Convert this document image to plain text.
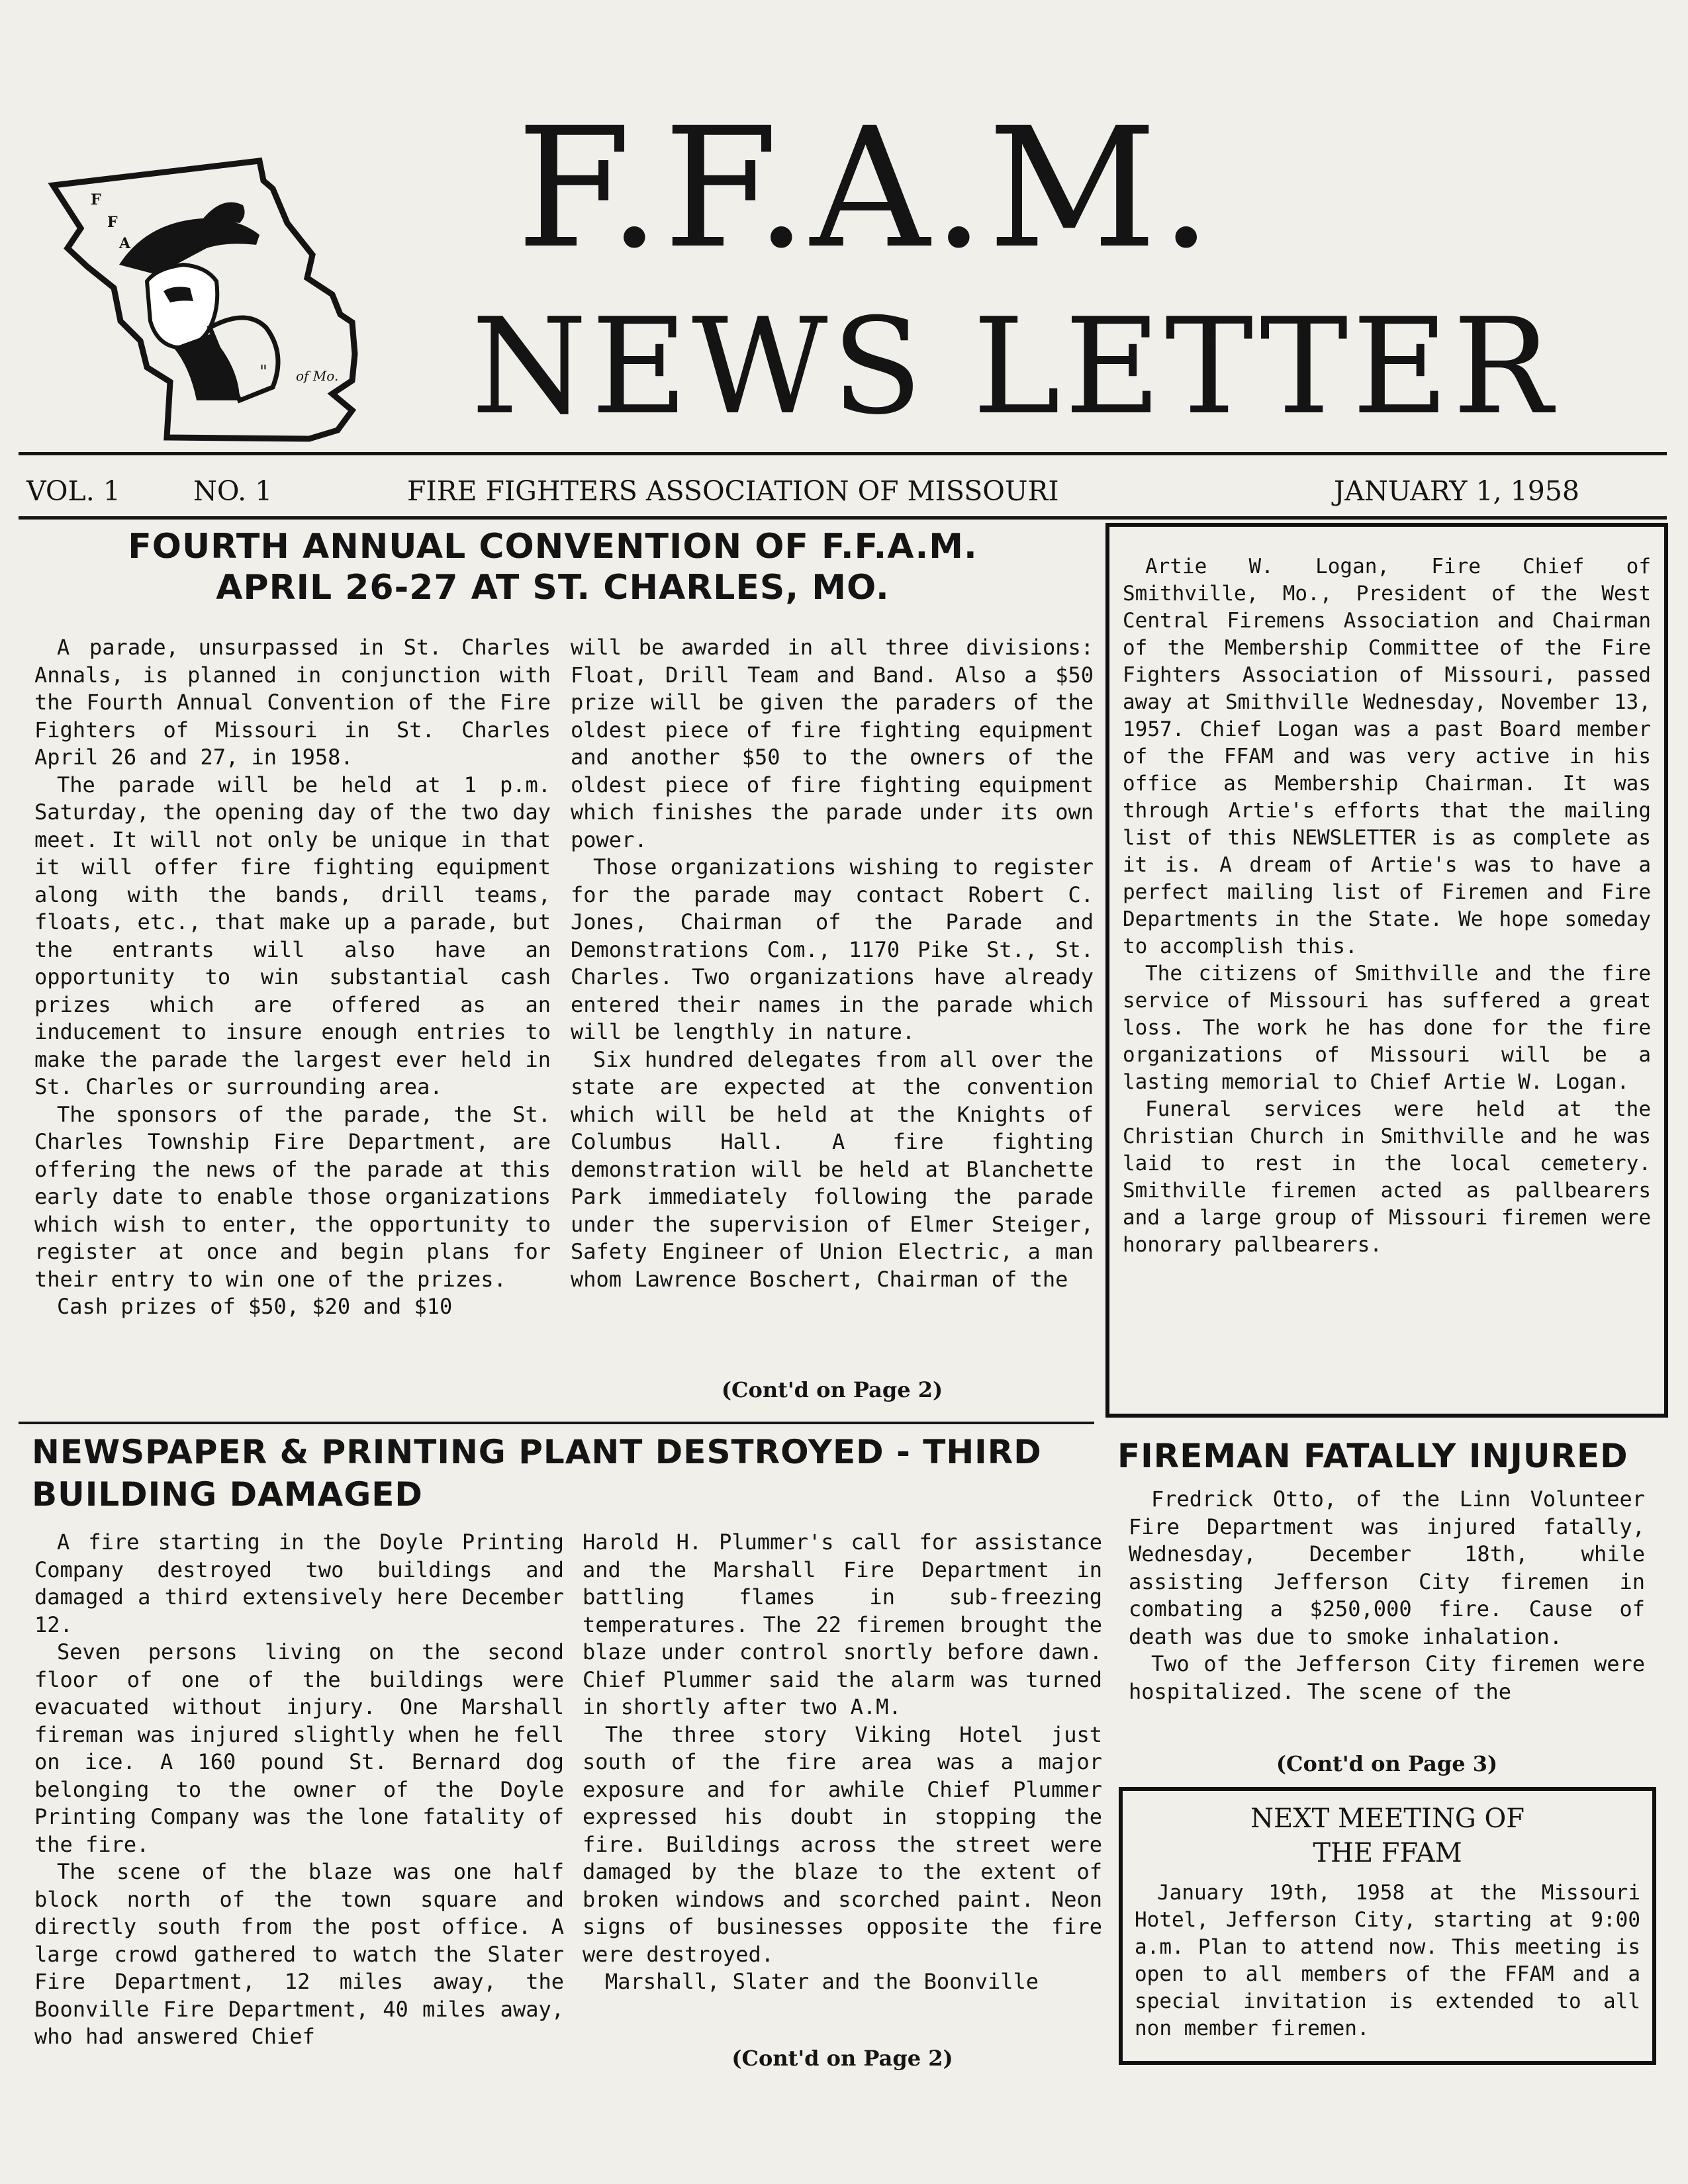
F
F
A
" of Mo.
F.F.A.M.
NEWS LETTER
VOL. 1	NO. 1	FIRE FIGHTERS ASSOCIATION OF MISSOURI	JANUARY 1, 1958
FOURTH ANNUAL CONVENTION OF F.F.A.M.
APRIL 26-27 AT ST. CHARLES, MO.

A parade, unsurpassed in St. Charles Annals, is planned in conjunction with the Fourth Annual Convention of the Fire Fighters of Missouri in St. Charles April 26 and 27, in 1958.

The parade will be held at 1 p.m. Saturday, the opening day of the two day meet. It will not only be unique in that it will offer fire fighting equipment along with the bands, drill teams, floats, etc., that make up a parade, but the entrants will also have an opportunity to win substantial cash prizes which are offered as an inducement to insure enough entries to make the parade the largest ever held in St. Charles or surrounding area.

The sponsors of the parade, the St. Charles Township Fire Department, are offering the news of the parade at this early date to enable those organizations which wish to enter, the opportunity to register at once and begin plans for their entry to win one of the prizes.

Cash prizes of $50, $20 and $10

will be awarded in all three divisions: Float, Drill Team and Band. Also a $50 prize will be given the paraders of the oldest piece of fire fighting equipment and another $50 to the owners of the oldest piece of fire fighting equipment which finishes the parade under its own power.

Those organizations wishing to register for the parade may contact Robert C. Jones, Chairman of the Parade and Demonstrations Com., 1170 Pike St., St. Charles. Two organizations have already entered their names in the parade which will be lengthly in nature.

Six hundred delegates from all over the state are expected at the convention which will be held at the Knights of Columbus Hall. A fire fighting demonstration will be held at Blanchette Park immediately following the parade under the supervision of Elmer Steiger, Safety Engineer of Union Electric, a man whom Lawrence Boschert, Chairman of the

(Cont'd on Page 2)

Artie W. Logan, Fire Chief of Smithville, Mo., President of the West Central Firemens Association and Chairman of the Membership Committee of the Fire Fighters Association of Missouri, passed away at Smithville Wednesday, November 13, 1957. Chief Logan was a past Board member of the FFAM and was very active in his office as Membership Chairman. It was through Artie's efforts that the mailing list of this NEWSLETTER is as complete as it is. A dream of Artie's was to have a perfect mailing list of Firemen and Fire Departments in the State. We hope someday to accomplish this.

The citizens of Smithville and the fire service of Missouri has suffered a great loss. The work he has done for the fire organizations of Missouri will be a lasting memorial to Chief Artie W. Logan.

Funeral services were held at the Christian Church in Smithville and he was laid to rest in the local cemetery. Smithville firemen acted as pallbearers and a large group of Missouri firemen were honorary pallbearers.

NEWSPAPER & PRINTING PLANT DESTROYED - THIRD
BUILDING DAMAGED

A fire starting in the Doyle Printing Company destroyed two buildings and damaged a third extensively here December 12.

Seven persons living on the second floor of one of the buildings were evacuated without injury. One Marshall fireman was injured slightly when he fell on ice. A 160 pound St. Bernard dog belonging to the owner of the Doyle Printing Company was the lone fatality of the fire.

The scene of the blaze was one half block north of the town square and directly south from the post office. A large crowd gathered to watch the Slater Fire Department, 12 miles away, the Boonville Fire Department, 40 miles away, who had answered Chief

Harold H. Plummer's call for assistance and the Marshall Fire Department in battling flames in sub-freezing temperatures. The 22 firemen brought the blaze under control snortly before dawn. Chief Plummer said the alarm was turned in shortly after two A.M.

The three story Viking Hotel just south of the fire area was a major exposure and for awhile Chief Plummer expressed his doubt in stopping the fire. Buildings across the street were damaged by the blaze to the extent of broken windows and scorched paint. Neon signs of businesses opposite the fire were destroyed.

Marshall, Slater and the Boonville

(Cont'd on Page 2)
FIREMAN FATALLY INJURED

Fredrick Otto, of the Linn Volunteer Fire Department was injured fatally, Wednesday, December 18th, while assisting Jefferson City firemen in combating a $250,000 fire. Cause of death was due to smoke inhalation.

Two of the Jefferson City firemen were hospitalized. The scene of the

(Cont'd on Page 3)
NEXT MEETING OF
THE FFAM

January 19th, 1958 at the Missouri Hotel, Jefferson City, starting at 9:00 a.m. Plan to attend now. This meeting is open to all members of the FFAM and a special invitation is extended to all non member firemen.
